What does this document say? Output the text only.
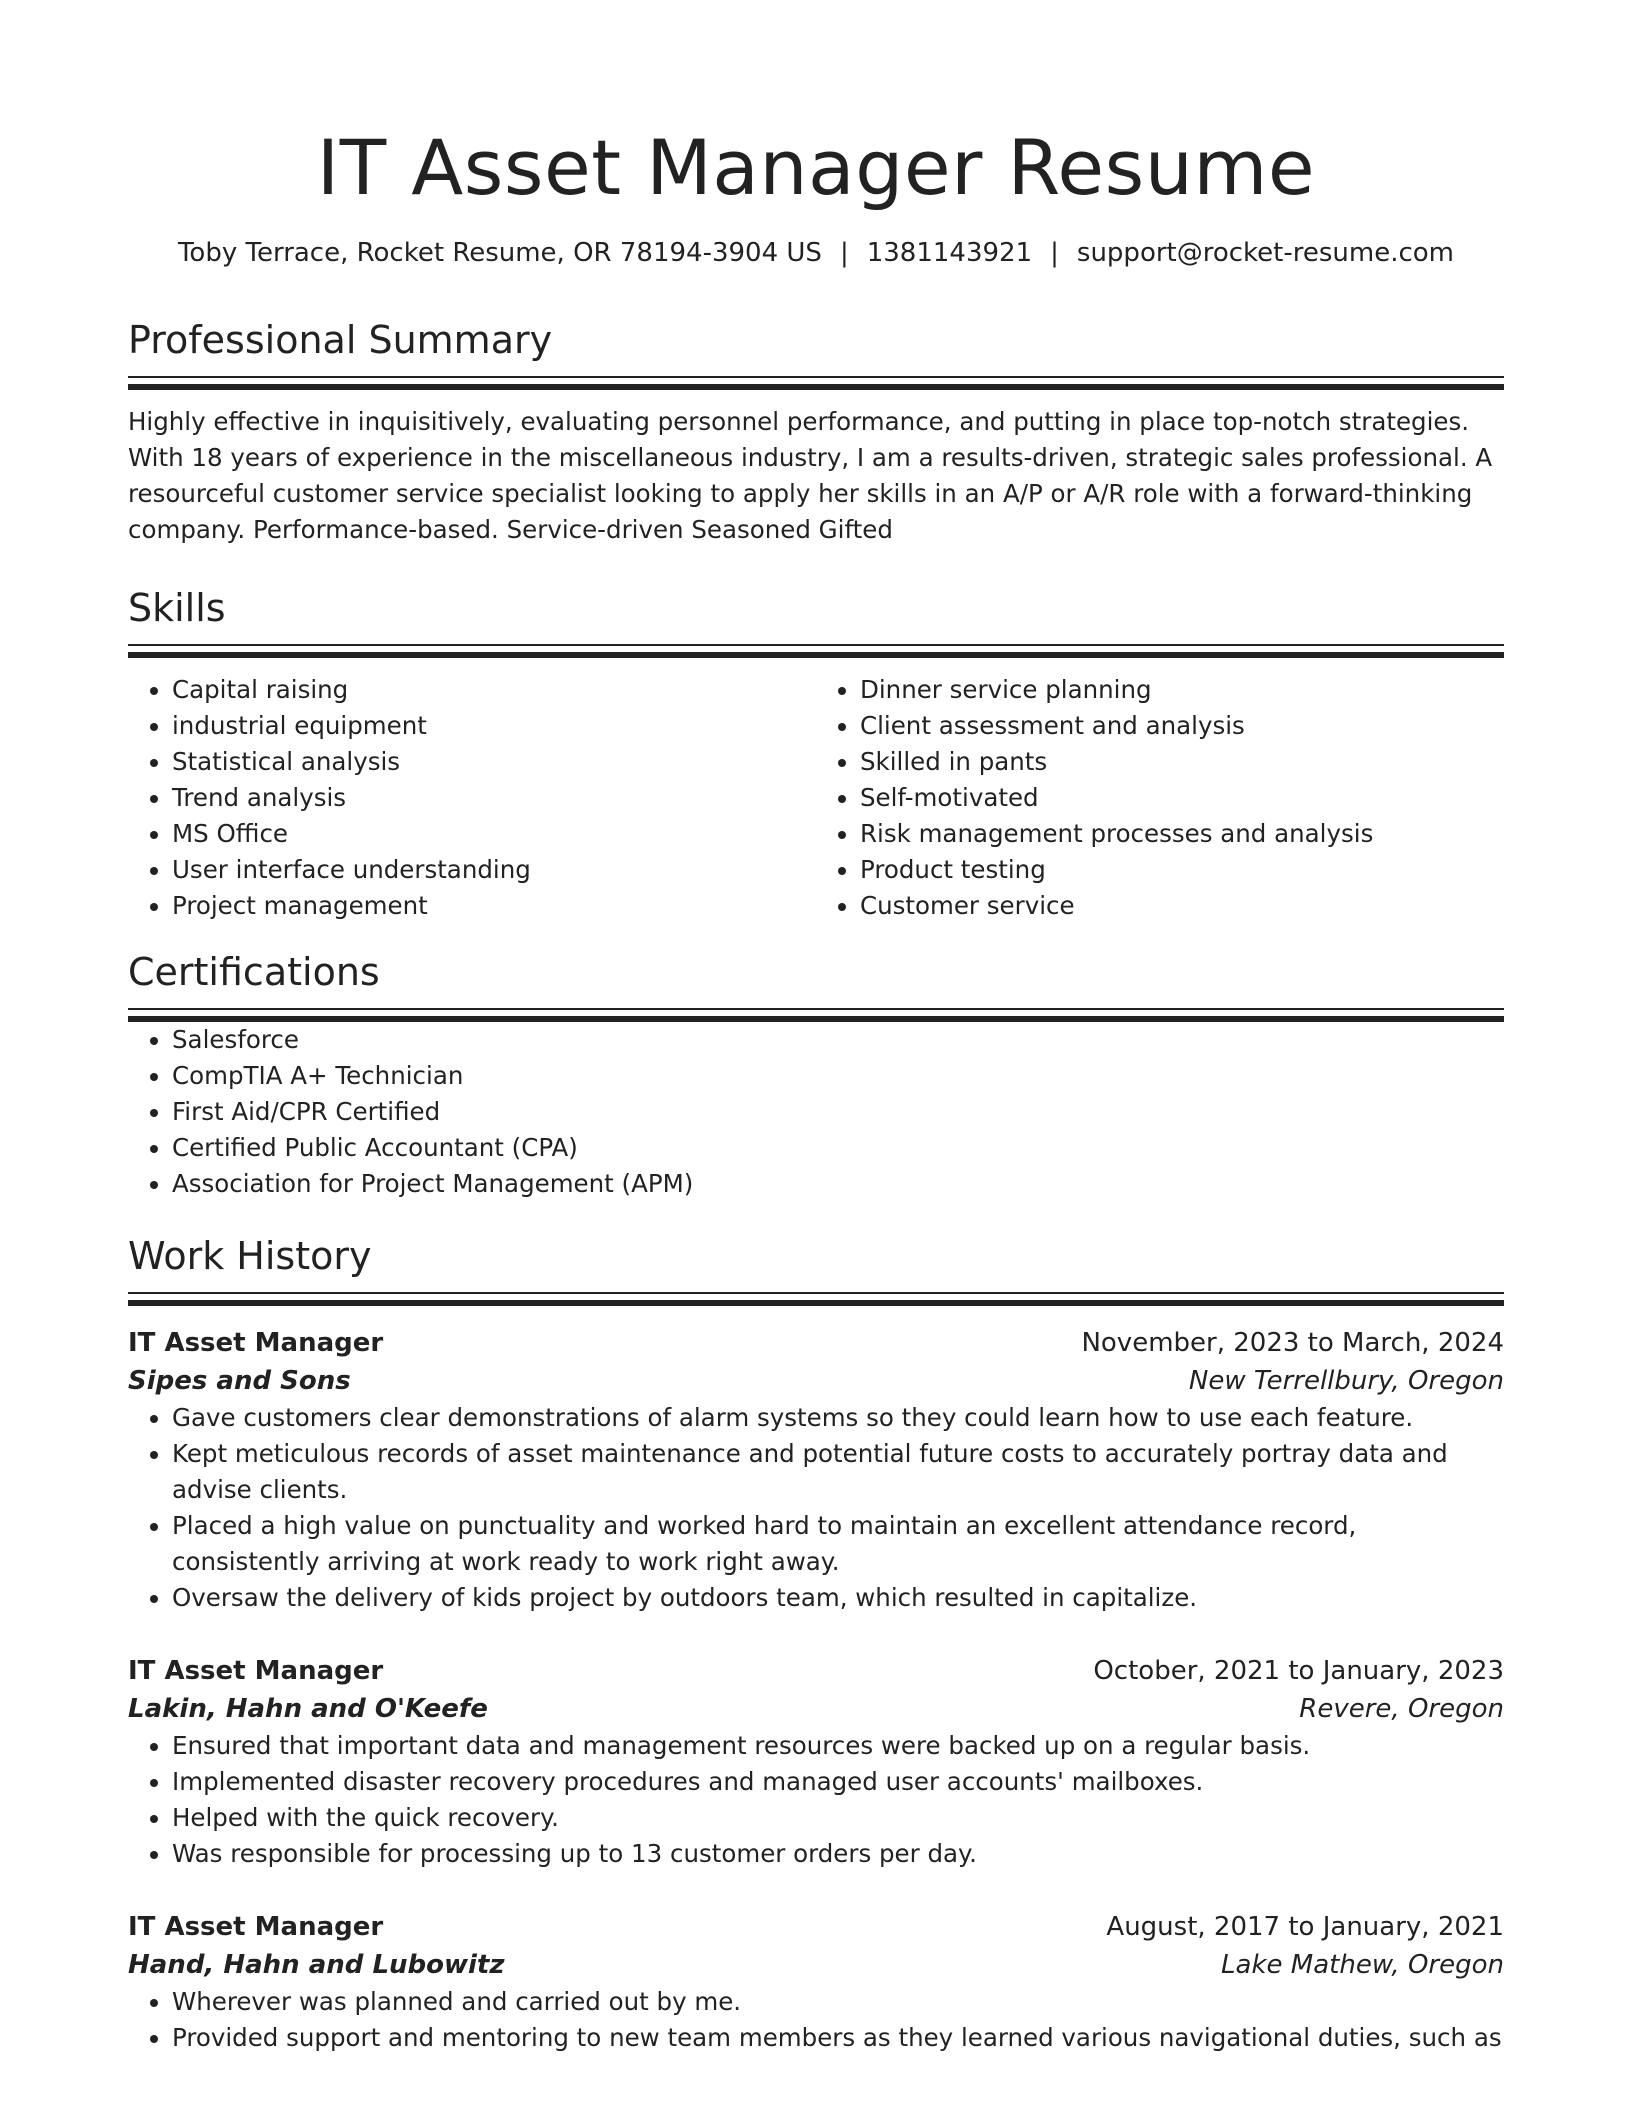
IT Asset Manager Resume
Toby Terrace, Rocket Resume, OR 78194-3904 US | 1381143921 | support@rocket-resume.com
Professional Summary

Highly effective in inquisitively, evaluating personnel performance, and putting in place top-notch strategies. With 18 years of experience in the miscellaneous industry, I am a results-driven, strategic sales professional. A resourceful customer service specialist looking to apply her skills in an A/P or A/R role with a forward-thinking company. Performance-based. Service-driven Seasoned Gifted

Skills
• Capital raising
• industrial equipment
• Statistical analysis
• Trend analysis
• MS Office
• User interface understanding
• Project management
• Dinner service planning
• Client assessment and analysis
• Skilled in pants
• Self-motivated
• Risk management processes and analysis
• Product testing
• Customer service
Certifications
• Salesforce
• CompTIA A+ Technician
• First Aid/CPR Certified
• Certified Public Accountant (CPA)
• Association for Project Management (APM)
Work History
IT Asset Manager	November, 2023 to March, 2024
Sipes and Sons	New Terrellbury, Oregon
• Gave customers clear demonstrations of alarm systems so they could learn how to use each feature.
• Kept meticulous records of asset maintenance and potential future costs to accurately portray data and advise clients.
• Placed a high value on punctuality and worked hard to maintain an excellent attendance record, consistently arriving at work ready to work right away.
• Oversaw the delivery of kids project by outdoors team, which resulted in capitalize.
IT Asset Manager	October, 2021 to January, 2023
Lakin, Hahn and O'Keefe	Revere, Oregon
• Ensured that important data and management resources were backed up on a regular basis.
• Implemented disaster recovery procedures and managed user accounts' mailboxes.
• Helped with the quick recovery.
• Was responsible for processing up to 13 customer orders per day.
IT Asset Manager	August, 2017 to January, 2021
Hand, Hahn and Lubowitz	Lake Mathew, Oregon
• Wherever was planned and carried out by me.
• Provided support and mentoring to new team members as they learned various navigational duties, such as
